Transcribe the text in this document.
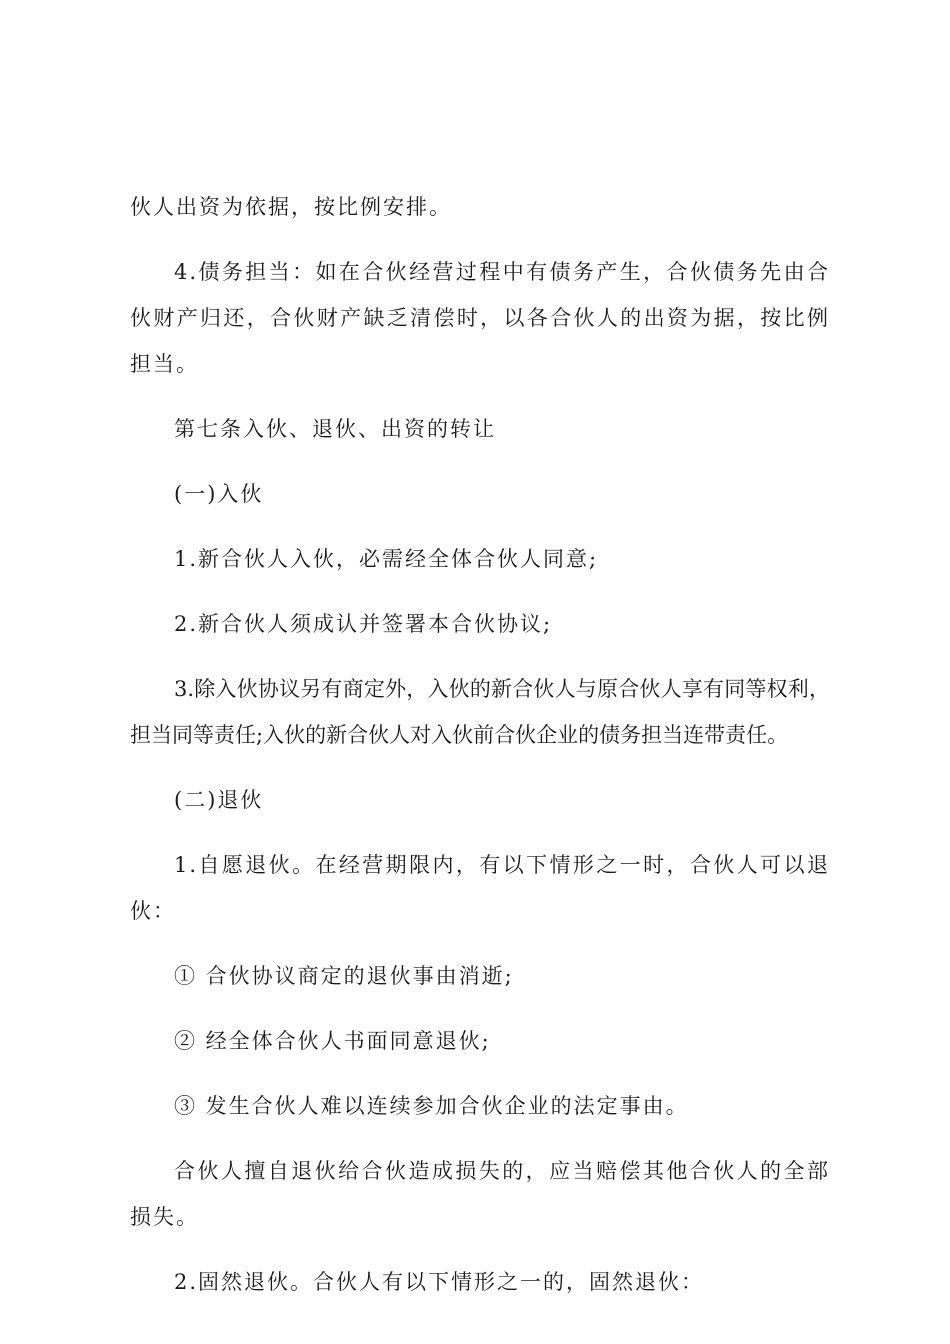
伙人出资为依据，按比例安排。

4.债务担当：如在合伙经营过程中有债务产生，合伙债务先由合伙财产归还，合伙财产缺乏清偿时，以各合伙人的出资为据，按比例担当。

第七条入伙、退伙、出资的转让

(一)入伙

1.新合伙人入伙，必需经全体合伙人同意;

2.新合伙人须成认并签署本合伙协议;

3.除入伙协议另有商定外，入伙的新合伙人与原合伙人享有同等权利，担当同等责任;入伙的新合伙人对入伙前合伙企业的债务担当连带责任。

(二)退伙

1.自愿退伙。在经营期限内，有以下情形之一时，合伙人可以退伙：

① 合伙协议商定的退伙事由消逝;

② 经全体合伙人书面同意退伙;

③ 发生合伙人难以连续参加合伙企业的法定事由。

合伙人擅自退伙给合伙造成损失的，应当赔偿其他合伙人的全部损失。

2.固然退伙。合伙人有以下情形之一的，固然退伙：
